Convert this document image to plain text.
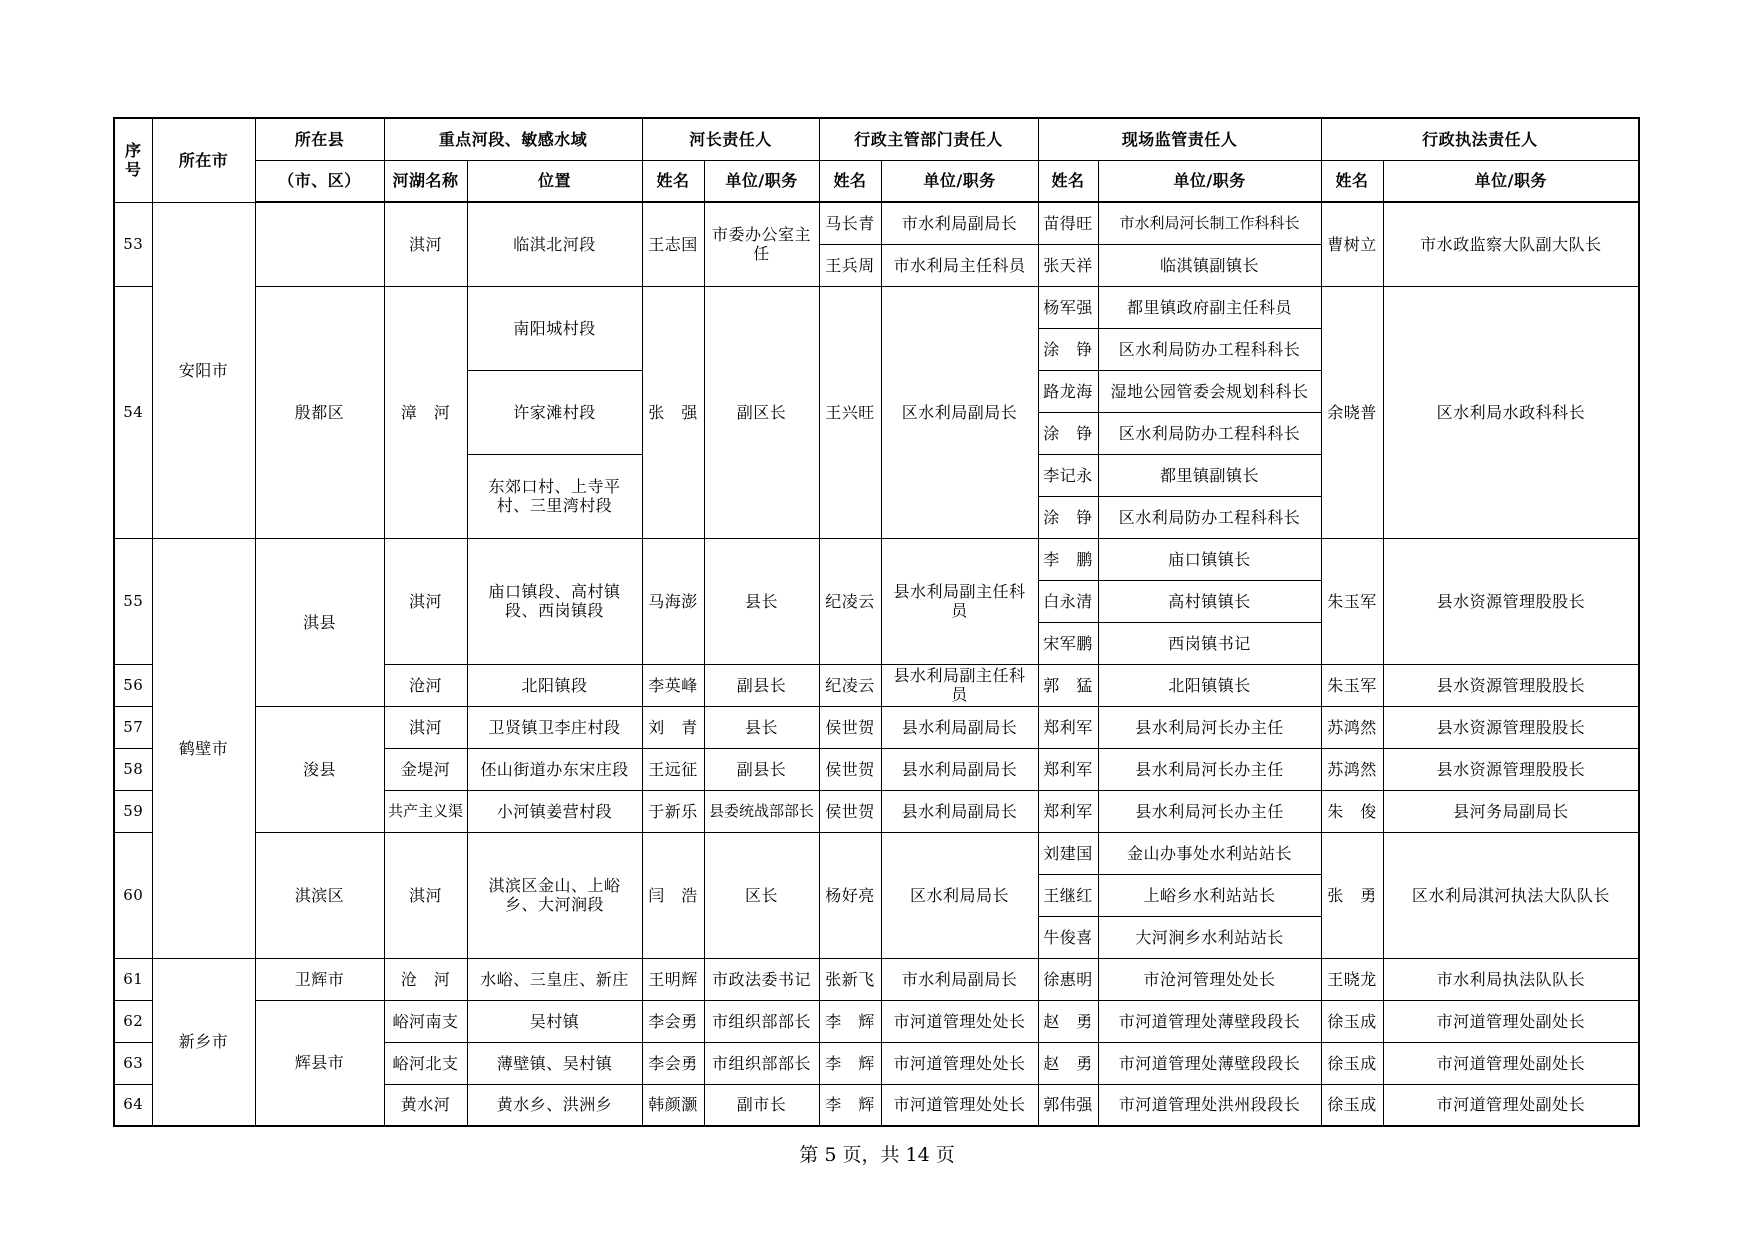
序号	所在市	所在县	重点河段、敏感水域		河长责任人		行政主管部门责任人		现场监管责任人		行政执法责任人	
		（市、区）	河湖名称	位置	姓名	单位/职务	姓名	单位/职务	姓名	单位/职务	姓名	单位/职务
53	安阳市		淇河	临淇北河段	王志国	市委办公室主任	马长青	市水利局副局长	苗得旺	市水利局河长制工作科科长	曹树立	市水政监察大队副大队长
							王兵周	市水利局主任科员	张天祥	临淇镇副镇长		
54		殷都区	漳　河	南阳城村段	张　强	副区长	王兴旺	区水利局副局长	杨军强	都里镇政府副主任科员	余晓普	区水利局水政科科长
									涂　铮	区水利局防办工程科科长		
				许家滩村段					路龙海	湿地公园管委会规划科科长		
									涂　铮	区水利局防办工程科科长		
				东郊口村、上寺平村、三里湾村段					李记永	都里镇副镇长		
									涂　铮	区水利局防办工程科科长		
55	鹤壁市	淇县	淇河	庙口镇段、高村镇段、西岗镇段	马海澎	县长	纪凌云	县水利局副主任科员	李　鹏	庙口镇镇长	朱玉军	县水资源管理股股长
									白永清	高村镇镇长		
									宋军鹏	西岗镇书记		
56			沧河	北阳镇段	李英峰	副县长	纪凌云	县水利局副主任科员	郭　猛	北阳镇镇长	朱玉军	县水资源管理股股长
57		浚县	淇河	卫贤镇卫李庄村段	刘　青	县长	侯世贺	县水利局副局长	郑利军	县水利局河长办主任	苏鸿然	县水资源管理股股长
58			金堤河	伾山街道办东宋庄段	王远征	副县长	侯世贺	县水利局副局长	郑利军	县水利局河长办主任	苏鸿然	县水资源管理股股长
59			共产主义渠	小河镇姜营村段	于新乐	县委统战部部长	侯世贺	县水利局副局长	郑利军	县水利局河长办主任	朱　俊	县河务局副局长
60		淇滨区	淇河	淇滨区金山、上峪乡、大河涧段	闫　浩	区长	杨好亮	区水利局局长	刘建国	金山办事处水利站站长	张　勇	区水利局淇河执法大队队长
									王继红	上峪乡水利站站长		
									牛俊喜	大河涧乡水利站站长		
61	新乡市	卫辉市	沧　河	水峪、三皇庄、新庄	王明辉	市政法委书记	张新飞	市水利局副局长	徐惠明	市沧河管理处处长	王晓龙	市水利局执法队队长
62		辉县市	峪河南支	吴村镇	李会勇	市组织部部长	李　辉	市河道管理处处长	赵　勇	市河道管理处薄壁段段长	徐玉成	市河道管理处副处长
63			峪河北支	薄壁镇、吴村镇	李会勇	市组织部部长	李　辉	市河道管理处处长	赵　勇	市河道管理处薄壁段段长	徐玉成	市河道管理处副处长
64			黄水河	黄水乡、洪洲乡	韩颜灏	副市长	李　辉	市河道管理处处长	郭伟强	市河道管理处洪州段段长	徐玉成	市河道管理处副处长
第 5 页，共 14 页
